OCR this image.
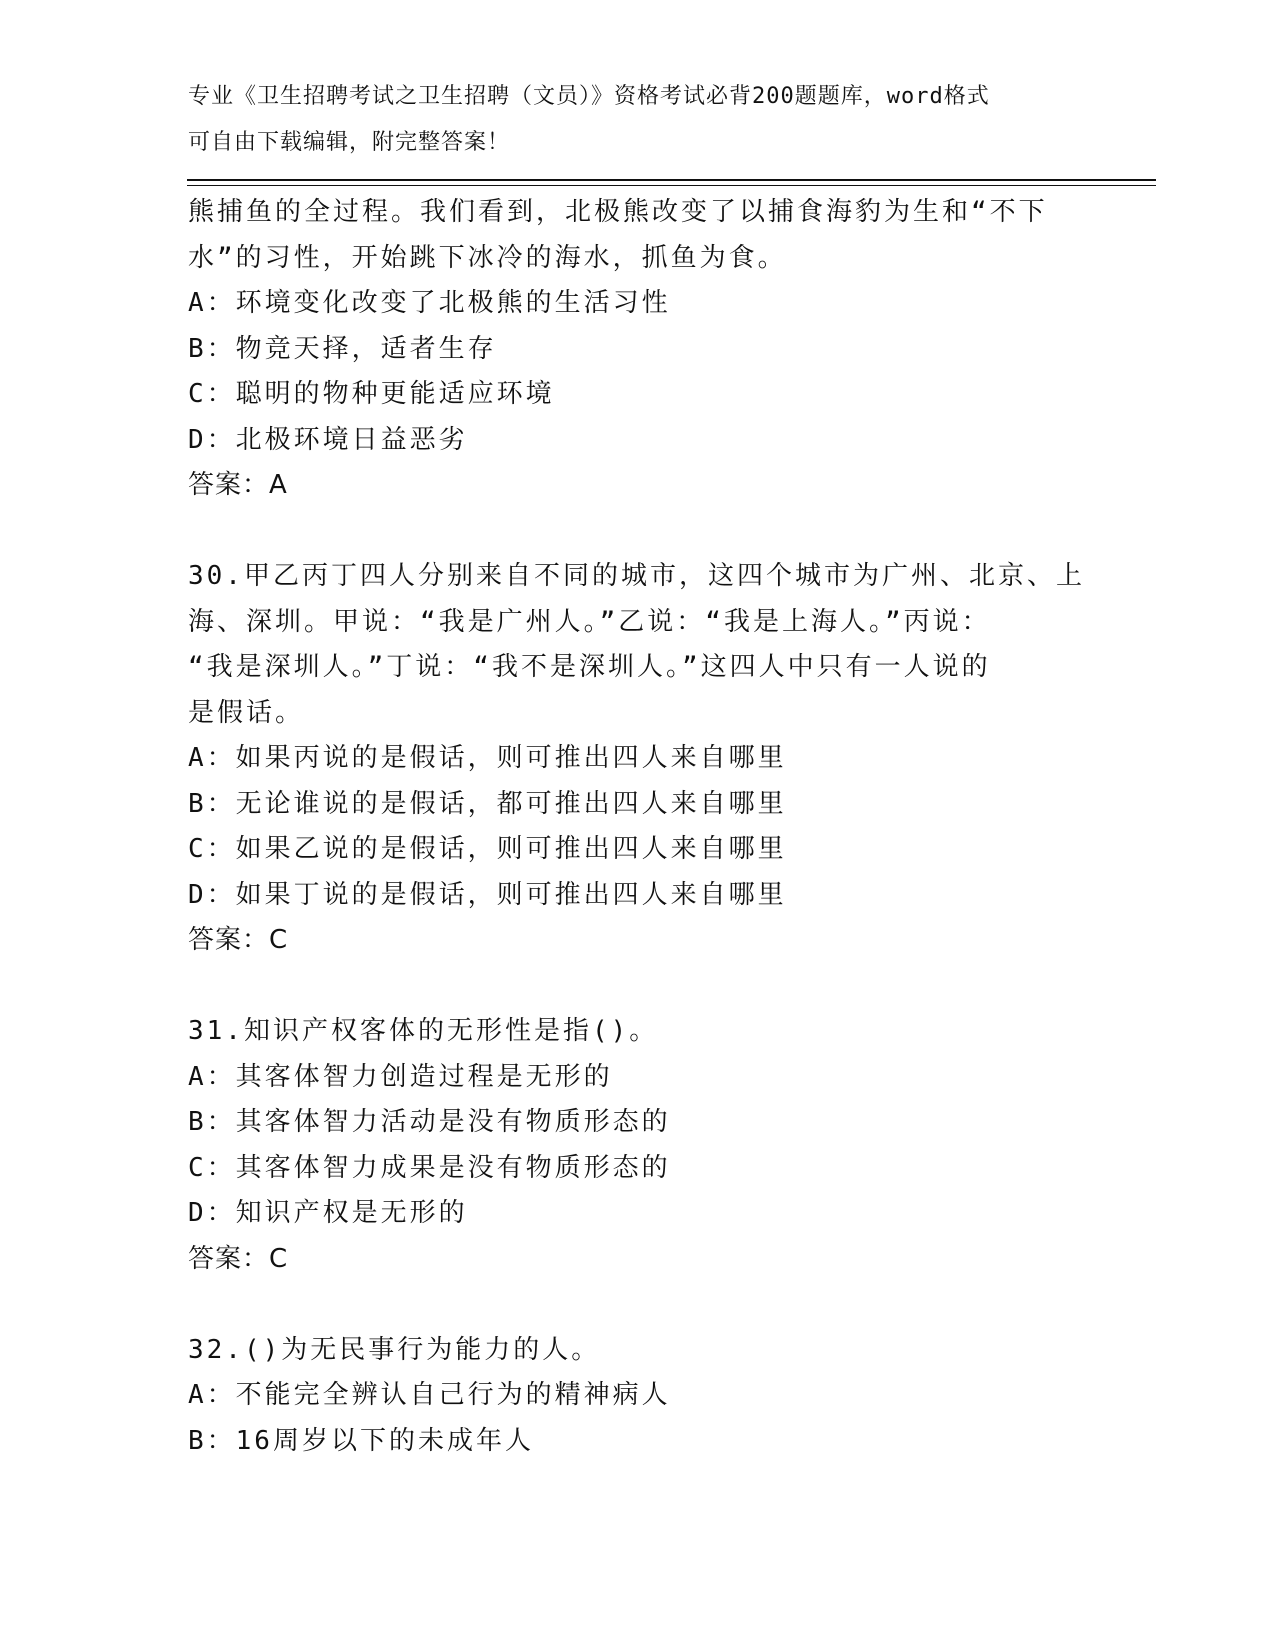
专业《卫生招聘考试之卫生招聘（文员）》资格考试必背200题题库，word格式
可自由下载编辑，附完整答案！
熊捕鱼的全过程。我们看到，北极熊改变了以捕食海豹为生和“不下
水”的习性，开始跳下冰冷的海水，抓鱼为食。
A：环境变化改变了北极熊的生活习性
B：物竞天择，适者生存
C：聪明的物种更能适应环境
D：北极环境日益恶劣
答案：A
30.甲乙丙丁四人分别来自不同的城市，这四个城市为广州、北京、上
海、深圳。甲说：“我是广州人。”乙说：“我是上海人。”丙说：
“我是深圳人。”丁说：“我不是深圳人。”这四人中只有一人说的
是假话。
A：如果丙说的是假话，则可推出四人来自哪里
B：无论谁说的是假话，都可推出四人来自哪里
C：如果乙说的是假话，则可推出四人来自哪里
D：如果丁说的是假话，则可推出四人来自哪里
答案：C
31.知识产权客体的无形性是指()。
A：其客体智力创造过程是无形的
B：其客体智力活动是没有物质形态的
C：其客体智力成果是没有物质形态的
D：知识产权是无形的
答案：C
32.()为无民事行为能力的人。
A：不能完全辨认自己行为的精神病人
B：16周岁以下的未成年人
